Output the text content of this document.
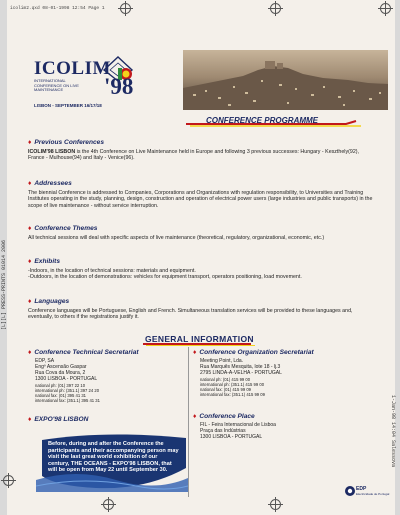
icolim2.qxd 08-01-1998 12:54 Page 1
[L][L] PRESS-PRINTS 01014 2006
1-Jan-98 14:04 Salessova
ICOLIM
'98
INTERNATIONAL CONFERENCE ON LIVE MAINTENANCE
LISBON - SEPTEMBER 16/17/18
CONFERENCE PROGRAMME
♦ Previous Conferences

ICOLIM'98 LISBON is the 4th Conference on Live Maintenance held in Europe and following 3 previous successes: Hungary - Keszthely(92), France - Mulhouse(94) and Italy - Venice(96).

♦ Addressees

The biennial Conference is addressed to Companies, Corporations and Organizations with regulation responsibility, to Universities and Training Institutes operating in the study, planning, design, construction and operation of electrical power users (large industries and public transports) in the scope of live maintenance - without service interruption.

♦ Conference Themes

All technical sessions will deal with specific aspects of live maintenance (theoretical, regulatory, organizational, economic, etc.)

♦ Exhibits

-Indoors, in the location of technical sessions: materials and equipment.
-Outdoors, in the location of demonstrations: vehicles for equipment transport, operators positioning, load movement.

♦ Languages

Conference languages will be Portuguese, English and French. Simultaneous translation services will be provided to these languages and, eventually, to others if the registrations justify it.

GENERAL INFORMATION
♦ Conference Technical Secretariat
EDP, SA
Engº Ascensão Gaspar
Rua Cova da Moura, 2
1300 LISBOA - PORTUGAL
national ph: (01) 397 22 10
international ph: (351.1) 397 24 20
national fax: (01) 395 41 31
international fax: (351.1) 395 41 31
♦ Conference Organization Secretariat
Meeting Point, Lda.
Rua Marquês Mesquita, lote 18 - lj.3
2795 LINDA-A-VELHA - PORTUGAL
national ph: (01) 415 99 00
international ph: (351.1) 415 99 00
national fax: (01) 415 99 09
international fax: (351.1) 415 99 09
♦ Conference Place
FIL - Feira Internacional de Lisboa
Praça das Indústrias
1300 LISBOA - PORTUGAL
♦ EXPO'98 LISBON
Before, during and after the Conference the participants and their accompanying person may visit the last great world exhibition of our century, THE OCEANS - EXPO'98 LISBON, that will be open from May 22 until September 30.
EDP
Electricidade de Portugal
